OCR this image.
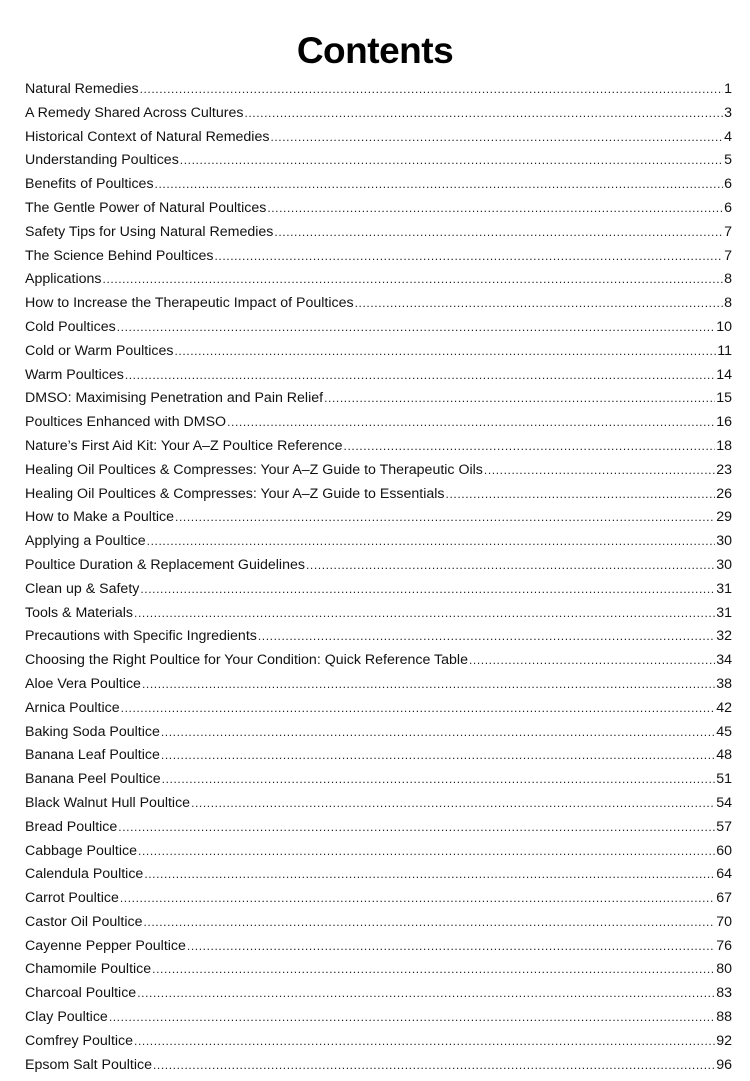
Contents
Natural Remedies .....	1
A Remedy Shared Across Cultures .....	3
Historical Context of Natural Remedies .....	4
Understanding Poultices .....	5
Benefits of Poultices .....	6
The Gentle Power of Natural Poultices .....	6
Safety Tips for Using Natural Remedies .....	7
The Science Behind Poultices .....	7
Applications .....	8
How to Increase the Therapeutic Impact of Poultices .....	8
Cold Poultices .....	10
Cold or Warm Poultices .....	11
Warm Poultices .....	14
DMSO: Maximising Penetration and Pain Relief .....	15
Poultices Enhanced with DMSO .....	16
Nature’s First Aid Kit: Your A–Z Poultice Reference .....	18
Healing Oil Poultices & Compresses: Your A–Z Guide to Therapeutic Oils .....	23
Healing Oil Poultices & Compresses: Your A–Z Guide to Essentials .....	26
How to Make a Poultice .....	29
Applying a Poultice .....	30
Poultice Duration & Replacement Guidelines .....	30
Clean up & Safety .....	31
Tools & Materials .....	31
Precautions with Specific Ingredients .....	32
Choosing the Right Poultice for Your Condition: Quick Reference Table .....	34
Aloe Vera Poultice .....	38
Arnica Poultice .....	42
Baking Soda Poultice .....	45
Banana Leaf Poultice .....	48
Banana Peel Poultice .....	51
Black Walnut Hull Poultice .....	54
Bread Poultice .....	57
Cabbage Poultice .....	60
Calendula Poultice .....	64
Carrot Poultice .....	67
Castor Oil Poultice .....	70
Cayenne Pepper Poultice .....	76
Chamomile Poultice .....	80
Charcoal Poultice .....	83
Clay Poultice .....	88
Comfrey Poultice .....	92
Epsom Salt Poultice .....	96
